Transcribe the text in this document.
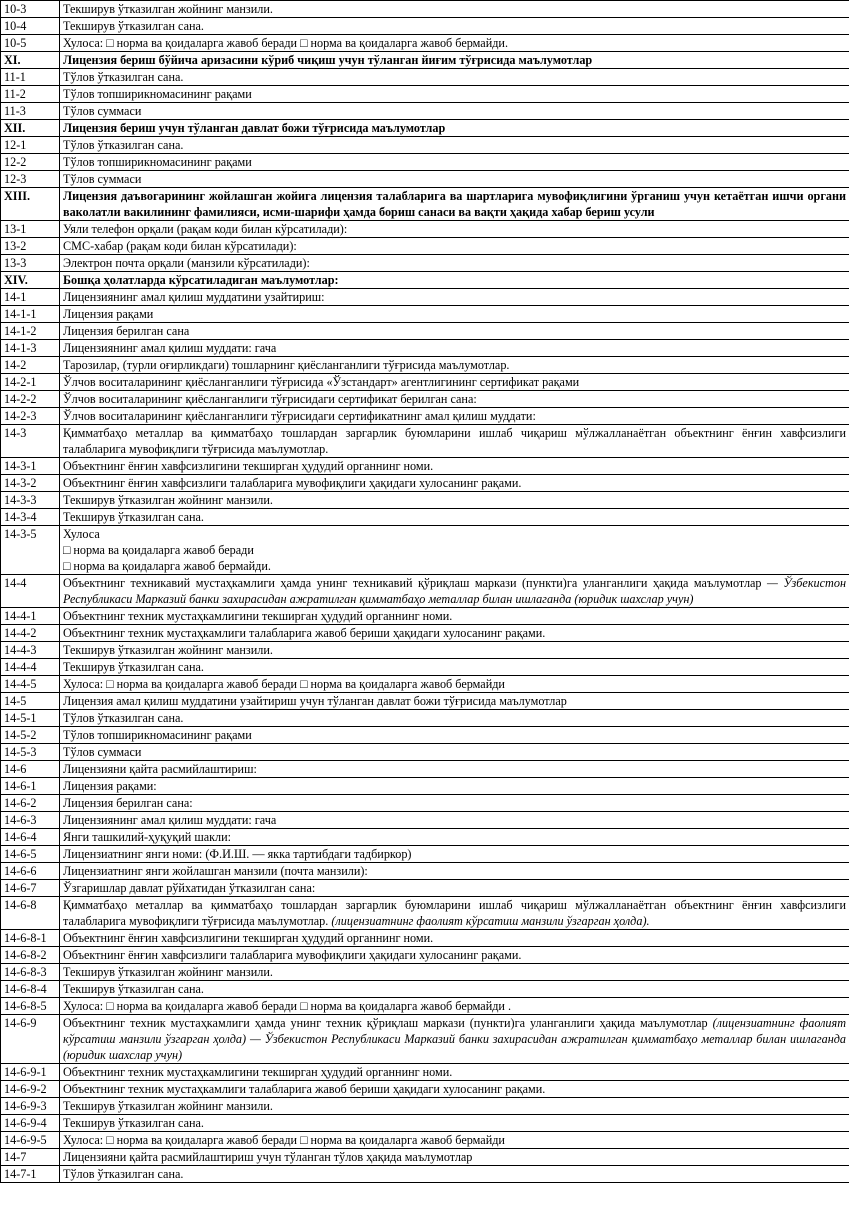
10-3	Текширув ўтказилган жойнинг манзили.
10-4	Текширув ўтказилган сана.
10-5	Хулоса: □ норма ва қоидаларга жавоб беради □ норма ва қоидаларга жавоб бермайди.
XI.	Лицензия бериш бўйича аризасини кўриб чиқиш учун тўланган йиғим тўғрисида маълумотлар
11-1	Тўлов ўтказилган сана.
11-2	Тўлов топширикномасининг рақами
11-3	Тўлов суммаси
XII.	Лицензия бериш учун тўланган давлат божи тўғрисида маълумотлар
12-1	Тўлов ўтказилган сана.
12-2	Тўлов топширикномасининг рақами
12-3	Тўлов суммаси
XIII.	Лицензия даъвогарининг жойлашган жойига лицензия талабларига ва шартларига мувофиқлигини ўрганиш учун кетаётган ишчи органи ваколатли вакилининг фамилияси, исми-шарифи ҳамда бориш санаси ва вақти ҳақида хабар бериш усули
13-1	Уяли телефон орқали (рақам коди билан кўрсатилади):
13-2	СМС-хабар (рақам коди билан кўрсатилади):
13-3	Электрон почта орқали (манзили кўрсатилади):
XIV.	Бошқа ҳолатларда кўрсатиладиган маълумотлар:
14-1	Лицензиянинг амал қилиш муддатини узайтириш:
14-1-1	Лицензия рақами
14-1-2	Лицензия берилган сана
14-1-3	Лицензиянинг амал қилиш муддати: гача
14-2	Тарозилар, (турли оғирликдаги) тошларнинг қиёсланганлиги тўғрисида маълумотлар.
14-2-1	Ўлчов воситаларининг қиёсланганлиги тўғрисида «Ўзстандарт» агентлигининг сертификат рақами
14-2-2	Ўлчов воситаларининг қиёсланганлиги тўғрисидаги сертификат берилган сана:
14-2-3	Ўлчов воситаларининг қиёсланганлиги тўғрисидаги сертификатнинг амал қилиш муддати:
14-3	Қимматбаҳо металлар ва қимматбаҳо тошлардан заргарлик буюмларини ишлаб чиқариш мўлжалланаётган объектнинг ёнғин хавфсизлиги талабларига мувофиқлиги тўғрисида маълумотлар.
14-3-1	Объектнинг ёнғин хавфсизлигини текширган ҳудудий органнинг номи.
14-3-2	Объектнинг ёнғин хавфсизлиги талабларига мувофиқлиги ҳақидаги хулосанинг рақами.
14-3-3	Текширув ўтказилган жойнинг манзили.
14-3-4	Текширув ўтказилган сана.
14-3-5	Хулоса
□ норма ва қоидаларга жавоб беради
□ норма ва қоидаларга жавоб бермайди.

14-4	Объектнинг техникавий мустаҳкамлиги ҳамда унинг техникавий қўриқлаш маркази (пункти)га уланганлиги ҳақида маълумотлар — Ўзбекистон Республикаси Марказий банки захирасидан ажратилган қимматбаҳо металлар билан ишлаганда (юридик шахслар учун)
14-4-1	Объектнинг техник мустаҳкамлигини текширган ҳудудий органнинг номи.
14-4-2	Объектнинг техник мустаҳкамлиги талабларига жавоб бериши ҳақидаги хулосанинг рақами.
14-4-3	Текширув ўтказилган жойнинг манзили.
14-4-4	Текширув ўтказилган сана.
14-4-5	Хулоса: □ норма ва қоидаларга жавоб беради □ норма ва қоидаларга жавоб бермайди
14-5	Лицензия амал қилиш муддатини узайтириш учун тўланган давлат божи тўғрисида маълумотлар
14-5-1	Тўлов ўтказилган сана.
14-5-2	Тўлов топширикномасининг рақами
14-5-3	Тўлов суммаси
14-6	Лицензияни қайта расмийлаштириш:
14-6-1	Лицензия рақами:
14-6-2	Лицензия берилган сана:
14-6-3	Лицензиянинг амал қилиш муддати: гача
14-6-4	Янги ташкилий-ҳуқуқий шакли:
14-6-5	Лицензиатнинг янги номи: (Ф.И.Ш. — якка тартибдаги тадбиркор)
14-6-6	Лицензиатнинг янги жойлашган манзили (почта манзили):
14-6-7	Ўзгаришлар давлат рўйхатидан ўтказилган сана:
14-6-8	Қимматбаҳо металлар ва қимматбаҳо тошлардан заргарлик буюмларини ишлаб чиқариш мўлжалланаётган объектнинг ёнғин хавфсизлиги талабларига мувофиқлиги тўғрисида маълумотлар. (лицензиатнинг фаолият кўрсатиш манзили ўзгарган ҳолда).
14-6-8-1	Объектнинг ёнғин хавфсизлигини текширган ҳудудий органнинг номи.
14-6-8-2	Объектнинг ёнғин хавфсизлиги талабларига мувофиқлиги ҳақидаги хулосанинг рақами.
14-6-8-3	Текширув ўтказилган жойнинг манзили.
14-6-8-4	Текширув ўтказилган сана.
14-6-8-5	Хулоса: □ норма ва қоидаларга жавоб беради □ норма ва қоидаларга жавоб бермайди .
14-6-9	Объектнинг техник мустаҳкамлиги ҳамда унинг техник қўриқлаш маркази (пункти)га уланганлиги ҳақида маълумотлар (лицензиатнинг фаолият кўрсатиш манзили ўзгарган ҳолда) — Ўзбекистон Республикаси Марказий банки захирасидан ажратилган қимматбаҳо металлар билан ишлаганда (юридик шахслар учун)
14-6-9-1	Объектнинг техник мустаҳкамлигини текширган ҳудудий органнинг номи.
14-6-9-2	Объектнинг техник мустаҳкамлиги талабларига жавоб бериши ҳақидаги хулосанинг рақами.
14-6-9-3	Текширув ўтказилган жойнинг манзили.
14-6-9-4	Текширув ўтказилган сана.
14-6-9-5	Хулоса: □ норма ва қоидаларга жавоб беради □ норма ва қоидаларга жавоб бермайди
14-7	Лицензияни қайта расмийлаштириш учун тўланган тўлов ҳақида маълумотлар
14-7-1	Тўлов ўтказилган сана.
